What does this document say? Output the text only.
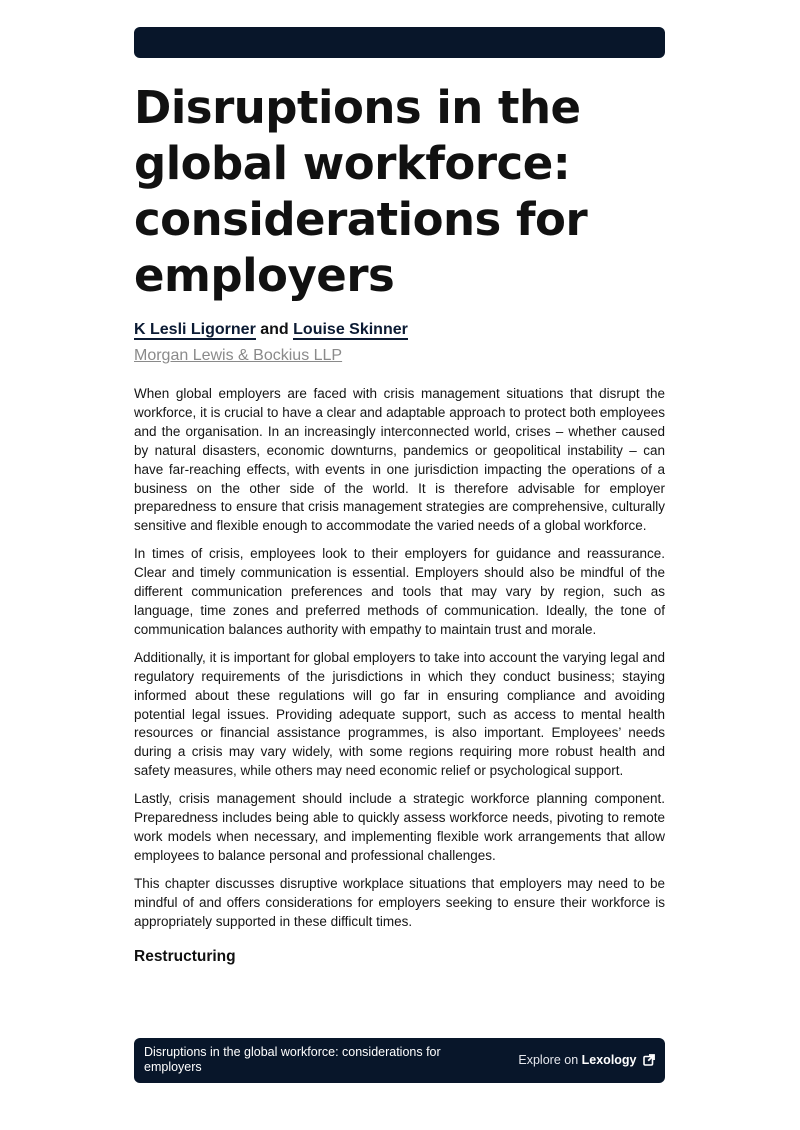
Disruptions in the global workforce: considerations for employers
K Lesli Ligorner and Louise Skinner
Morgan Lewis & Bockius LLP

When global employers are faced with crisis management situations that disrupt the workforce, it is crucial to have a clear and adaptable approach to protect both employees and the organisation. In an increasingly interconnected world, crises – whether caused by natural disasters, economic downturns, pandemics or geopolitical instability – can have far-reaching effects, with events in one jurisdiction impacting the operations of a business on the other side of the world. It is therefore advisable for employer preparedness to ensure that crisis management strategies are comprehensive, culturally sensitive and flexible enough to accommodate the varied needs of a global workforce.

In times of crisis, employees look to their employers for guidance and reassurance. Clear and timely communication is essential. Employers should also be mindful of the different communication preferences and tools that may vary by region, such as language, time zones and preferred methods of communication. Ideally, the tone of communication balances authority with empathy to maintain trust and morale.

Additionally, it is important for global employers to take into account the varying legal and regulatory requirements of the jurisdictions in which they conduct business; staying informed about these regulations will go far in ensuring compliance and avoiding potential legal issues. Providing adequate support, such as access to mental health resources or financial assistance programmes, is also important. Employees’ needs during a crisis may vary widely, with some regions requiring more robust health and safety measures, while others may need economic relief or psychological support.

Lastly, crisis management should include a strategic workforce planning component. Preparedness includes being able to quickly assess workforce needs, pivoting to remote work models when necessary, and implementing flexible work arrangements that allow employees to balance personal and professional challenges.

This chapter discusses disruptive workplace situations that employers may need to be mindful of and offers considerations for employers seeking to ensure their workforce is appropriately supported in these difficult times.

Restructuring
Disruptions in the global workforce: considerations for employers	Explore on Lexology
